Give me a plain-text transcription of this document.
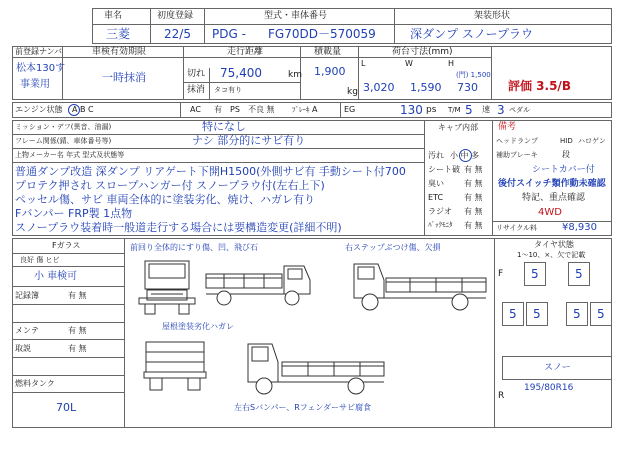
車名
三菱
初度登録
22/5
型式・車体番号
PDG - FG70DD－570059
架装形状
深ダンプ スノープラウ
前登録ナンバ
松本130す
事業用
車検有効期限
一時抹消
走行距離
切れ 75,400	km
抹消 タコ有り
積載量
1,900
kg
荷台寸法(mm)
L	W	H
(門) 1,500
3,020 1,590 730	評価 3.5/B
エンジン状態 A B C	AC 有 PS 不良 無 ﾌﾞﾚｰｷ A	EG	130 ps T/M 5 速 3 ペダル
ミッション・デフ(異音、油漏)	特になし
フレーム関係(錆、車体番号等)	ナシ 部分的にサビ有り
上物メーカー名 年式 型式及状態等
普通ダンプ改造 深ダンプ リアゲート下開H1500(外側サビ有 手動シート付700
プロテク押され スロープハンガー付 スノープラウ付(左右上下)
ペッセル傷、サビ 車両全体的に塗装劣化、焼け、ハガレ有り
Fバンパー FRP製 1点物
スノープラウ装着時一般道走行する場合には要構造変更(詳細不明)
キャブ内部
汚れ 小 中 多
シート破 有 無
臭い	有 無
ETC	有 無
ラジオ 有 無
ﾊﾞｯｸﾓﾆﾀ 有 無
備考
ヘッドランプ	HID ハロゲン
補助ブレーキ	段
シートカバー付
後付スイッチ類作動未確認
特記、重点確認
4WD
リサイクル料 ¥8,930
Fガラス
良好 傷 ヒビ
小 車検可
記録簿	有 無
メンテ	有 無
取説	有 無
燃料タンク
70L
前回り全体的にすり傷、凹、飛び石	右ステップぶつけ傷、欠損
屋根塗装劣化ハガレ
左右Sバンパー、Rフェンダーサビ腐食
タイヤ状態
1〜10、×、欠で記載
F
R
5	5
5 5	5 5
スノー
195/80R16
